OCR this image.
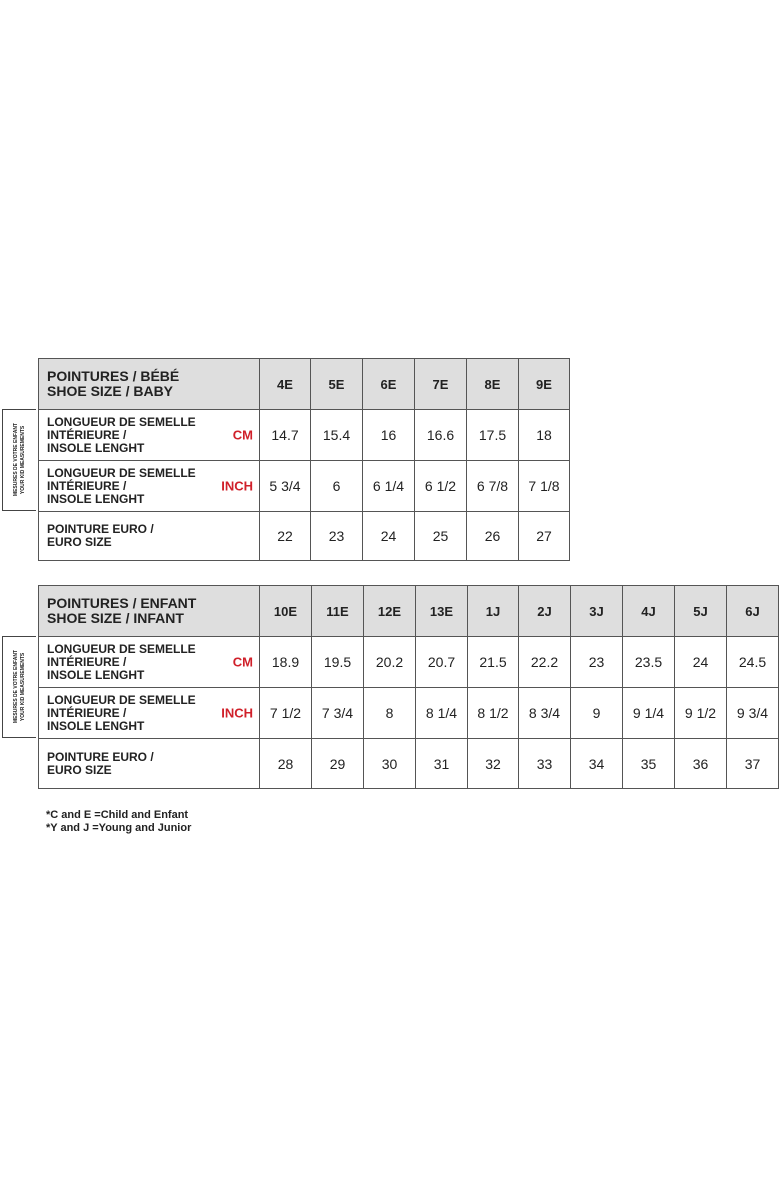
MESURES DE VOTRE ENFANT YOUR KID MEASUREMENTS
POINTURES / BÉBÉ
SHOE SIZE / BABY	4E	5E	6E	7E	8E	9E

LONGUEUR DE SEMELLE
INTÉRIEURE /
INSOLE LENGHT
CM	14.7	15.4	16	16.6	17.5	18

LONGUEUR DE SEMELLE
INTÉRIEURE /
INSOLE LENGHT
INCH	5 3/4	6	6 1/4	6 1/2	6 7/8	7 1/8

POINTURE EURO /
EURO SIZE	22	23	24	25	26	27
MESURES DE VOTRE ENFANT YOUR KID MEASUREMENTS
POINTURES / ENFANT
SHOE SIZE / INFANT	10E	11E	12E	13E	1J	2J	3J	4J	5J	6J

LONGUEUR DE SEMELLE
INTÉRIEURE /
INSOLE LENGHT
CM	18.9	19.5	20.2	20.7	21.5	22.2	23	23.5	24	24.5

LONGUEUR DE SEMELLE
INTÉRIEURE /
INSOLE LENGHT
INCH	7 1/2	7 3/4	8	8 1/4	8 1/2	8 3/4	9	9 1/4	9 1/2	9 3/4

POINTURE EURO /
EURO SIZE	28	29	30	31	32	33	34	35	36	37
*C and E =Child and Enfant
*Y and J =Young and Junior
